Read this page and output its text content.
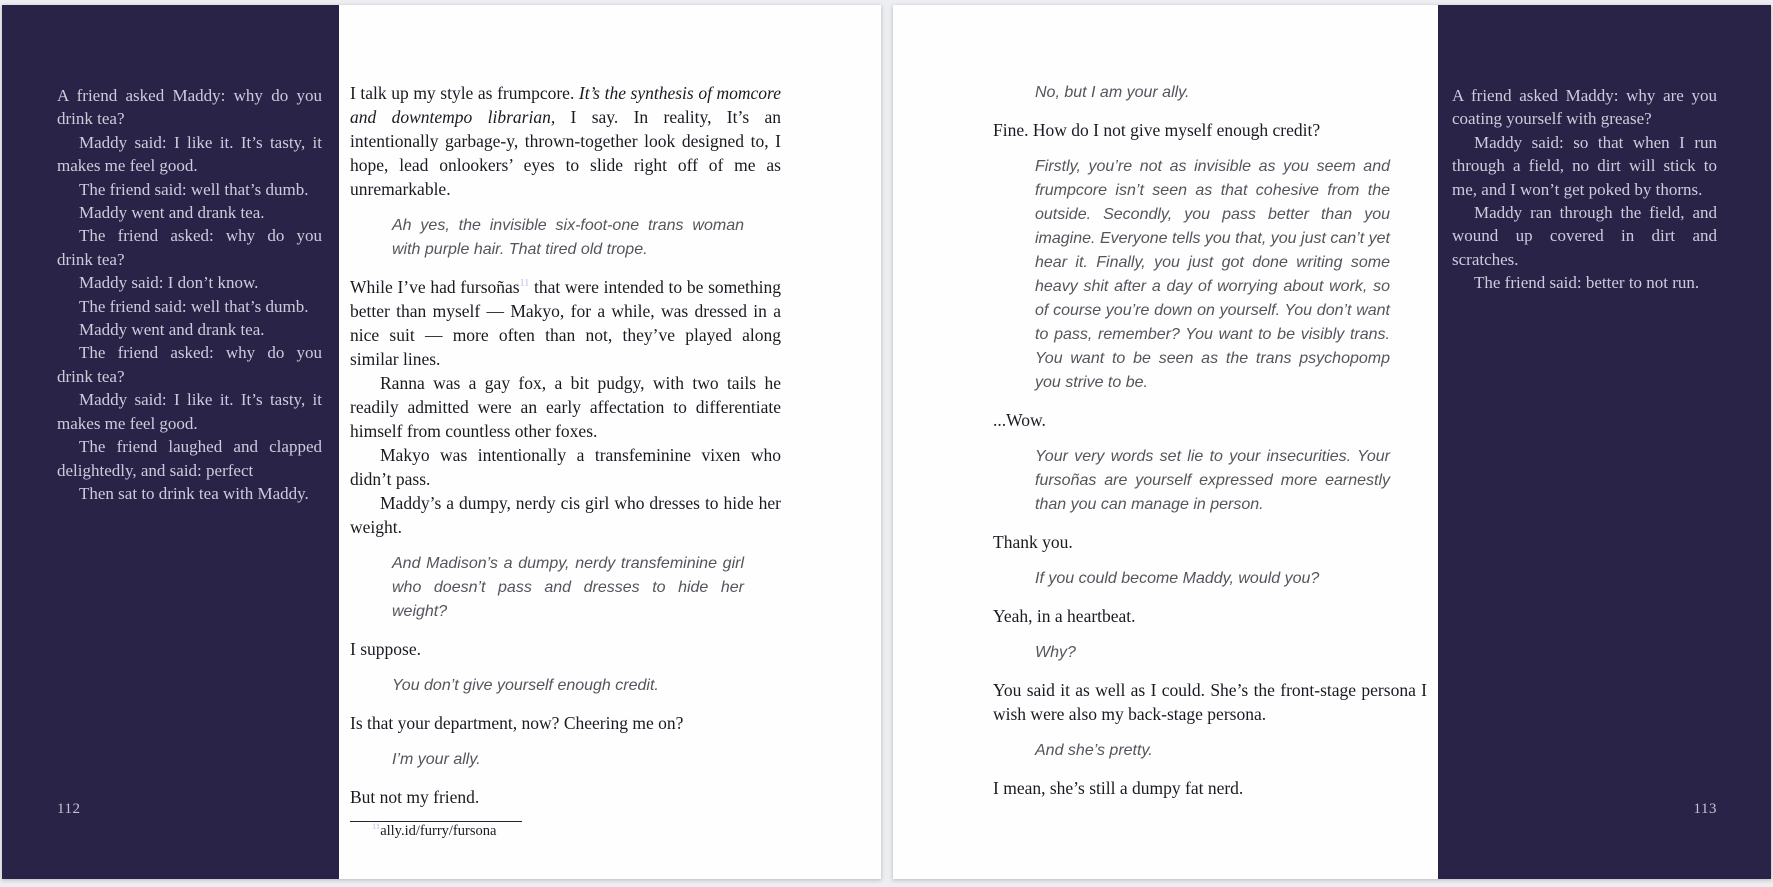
A friend asked Maddy: why do you drink tea?

Maddy said: I like it. It’s tasty, it makes me feel good.

The friend said: well that’s dumb.

Maddy went and drank tea.

The friend asked: why do you drink tea?

Maddy said: I don’t know.

The friend said: well that’s dumb.

Maddy went and drank tea.

The friend asked: why do you drink tea?

Maddy said: I like it. It’s tasty, it makes me feel good.

The friend laughed and clapped delightedly, and said: perfect

Then sat to drink tea with Maddy.

112

I talk up my style as frumpcore. It’s the synthesis of momcore and downtempo librarian, I say. In reality, It’s an intentionally garbage-y, thrown-together look designed to, I hope, lead onlookers’ eyes to slide right off of me as unremarkable.

Ah yes, the invisible six-foot-one trans woman with purple hair. That tired old trope.

While I’ve had fursoñas$^{11}$ that were intended to be something better than myself — Makyo, for a while, was dressed in a nice suit — more often than not, they’ve played along similar lines.

Ranna was a gay fox, a bit pudgy, with two tails he readily admitted were an early affectation to differentiate himself from countless other foxes.

Makyo was intentionally a transfeminine vixen who didn’t pass.

Maddy’s a dumpy, nerdy cis girl who dresses to hide her weight.

And Madison’s a dumpy, nerdy transfeminine girl who doesn’t pass and dresses to hide her weight?

I suppose.

You don’t give yourself enough credit.

Is that your department, now? Cheering me on?

I’m your ally.

But not my friend.

$^{11}$ally.id/furry/fursona

No, but I am your ally.

Fine. How do I not give myself enough credit?

Firstly, you’re not as invisible as you seem and frumpcore isn’t seen as that cohesive from the outside. Secondly, you pass better than you imagine. Everyone tells you that, you just can’t yet hear it. Finally, you just got done writing some heavy shit after a day of worrying about work, so of course you’re down on yourself. You don’t want to pass, remember? You want to be visibly trans. You want to be seen as the trans psychopomp you strive to be.

...Wow.

Your very words set lie to your insecurities. Your fursoñas are yourself expressed more earnestly than you can manage in person.

Thank you.

If you could become Maddy, would you?

Yeah, in a heartbeat.

Why?

You said it as well as I could. She’s the front-stage persona I wish were also my back-stage persona.

And she’s pretty.

I mean, she’s still a dumpy fat nerd.

A friend asked Maddy: why are you coating yourself with grease?

Maddy said: so that when I run through a field, no dirt will stick to me, and I won’t get poked by thorns.

Maddy ran through the field, and wound up covered in dirt and scratches.

The friend said: better to not run.

113
